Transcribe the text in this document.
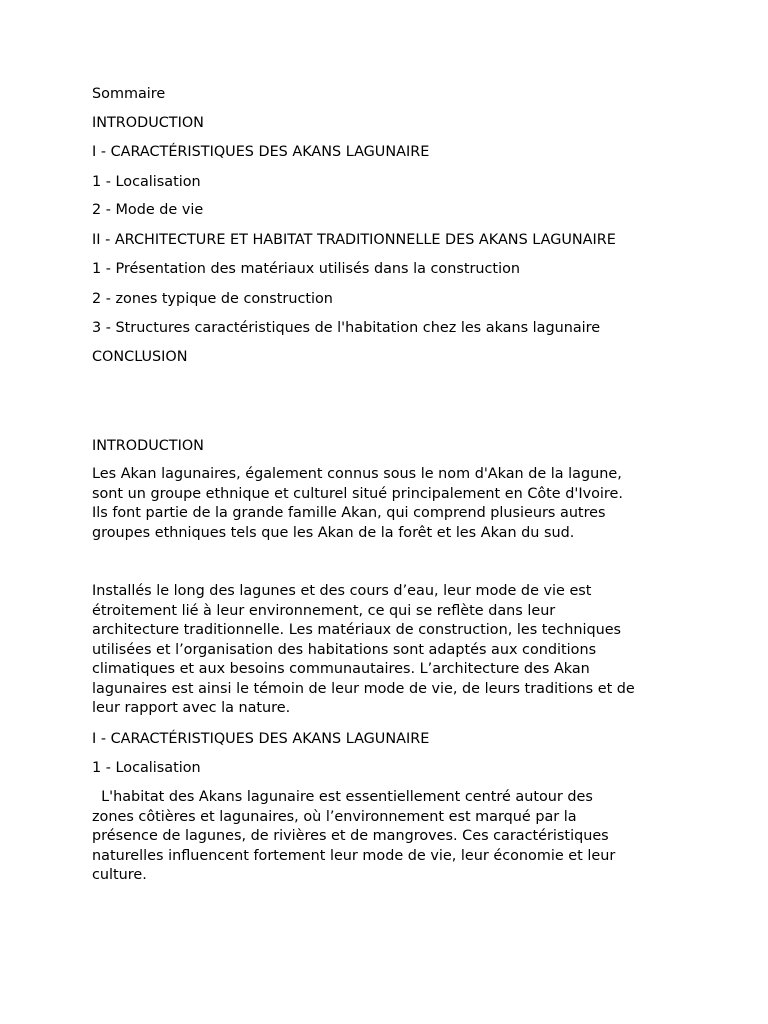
Sommaire

INTRODUCTION

I - CARACTÉRISTIQUES DES AKANS LAGUNAIRE

1 - Localisation

2 - Mode de vie

II - ARCHITECTURE ET HABITAT TRADITIONNELLE DES AKANS LAGUNAIRE

1 - Présentation des matériaux utilisés dans la construction

2 - zones typique de construction

3 - Structures caractéristiques de l'habitation chez les akans lagunaire

CONCLUSION

INTRODUCTION

Les Akan lagunaires, également connus sous le nom d'Akan de la lagune,
sont un groupe ethnique et culturel situé principalement en Côte d'Ivoire.
Ils font partie de la grande famille Akan, qui comprend plusieurs autres
groupes ethniques tels que les Akan de la forêt et les Akan du sud.
Installés le long des lagunes et des cours d’eau, leur mode de vie est
étroitement lié à leur environnement, ce qui se reflète dans leur
architecture traditionnelle. Les matériaux de construction, les techniques
utilisées et l’organisation des habitations sont adaptés aux conditions
climatiques et aux besoins communautaires. L’architecture des Akan
lagunaires est ainsi le témoin de leur mode de vie, de leurs traditions et de
leur rapport avec la nature.

I - CARACTÉRISTIQUES DES AKANS LAGUNAIRE

1 - Localisation

L'habitat des Akans lagunaire est essentiellement centré autour des
zones côtières et lagunaires, où l’environnement est marqué par la
présence de lagunes, de rivières et de mangroves. Ces caractéristiques
naturelles influencent fortement leur mode de vie, leur économie et leur
culture.
